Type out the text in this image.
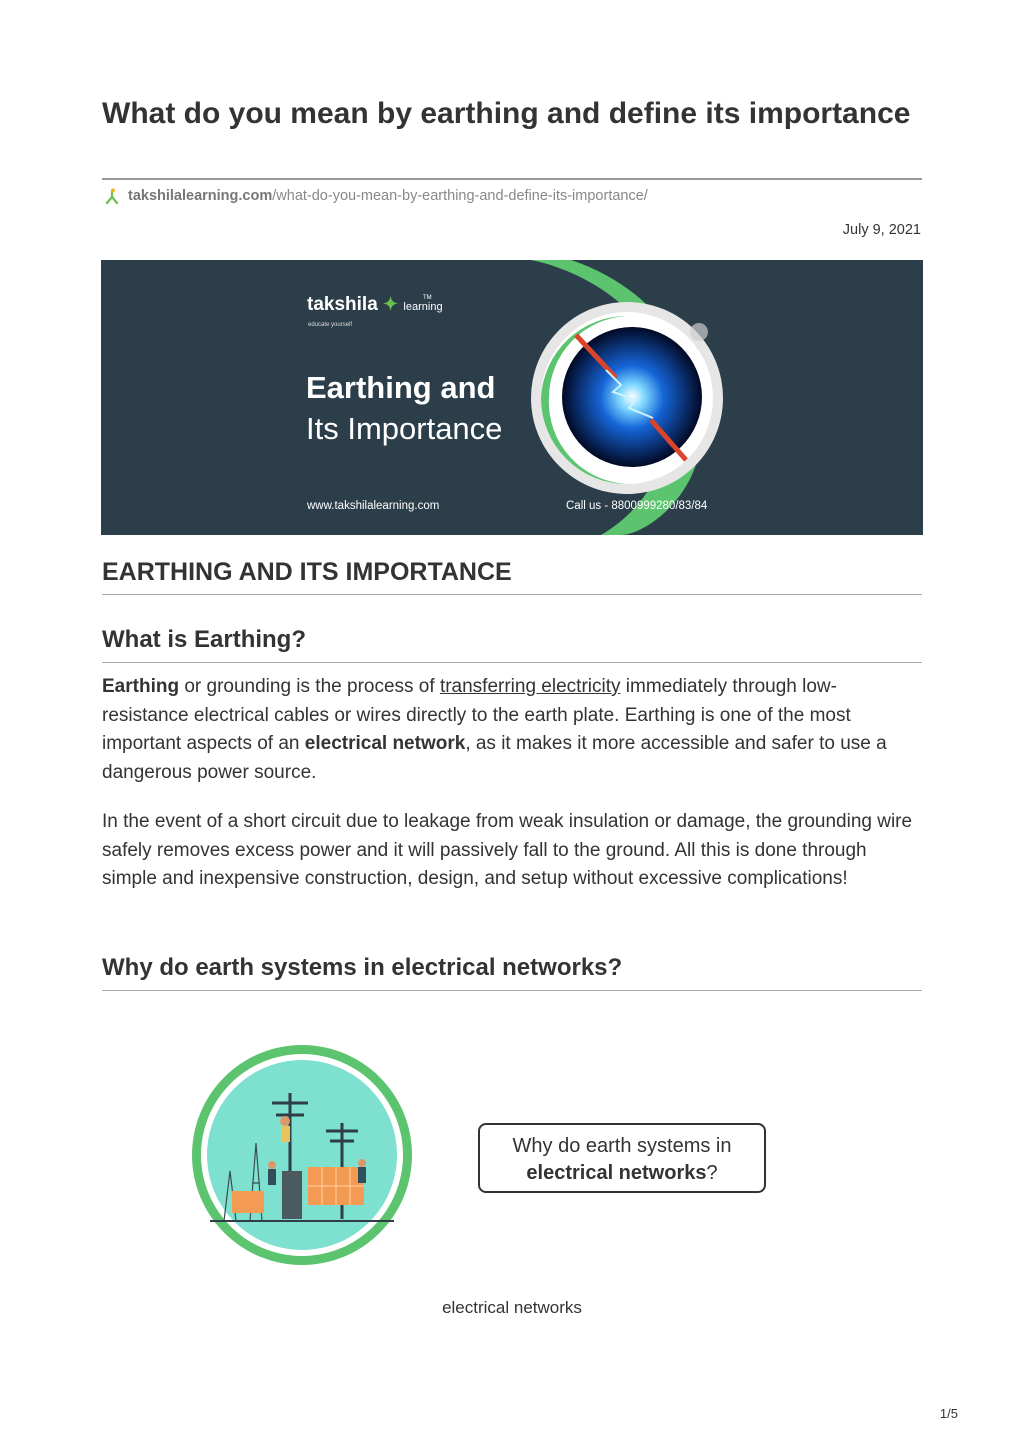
What do you mean by earthing and define its importance
takshilalearning.com /what-do-you-mean-by-earthing-and-define-its-importance/
July 9, 2021
takshila ✦ learning
TM
educate yourself
Earthing and
Its Importance
www.takshilalearning.com	Call us - 8800999280/83/84
EARTHING AND ITS IMPORTANCE
What is Earthing?

Earthing or grounding is the process of transferring electricity immediately through low-resistance electrical cables or wires directly to the earth plate. Earthing is one of the most important aspects of an electrical network, as it makes it more accessible and safer to use a dangerous power source.

In the event of a short circuit due to leakage from weak insulation or damage, the grounding wire safely removes excess power and it will passively fall to the ground. All this is done through simple and inexpensive construction, design, and setup without excessive complications!

Why do earth systems in electrical networks?
Why do earth systems in
electrical networks?
electrical networks
1/5
